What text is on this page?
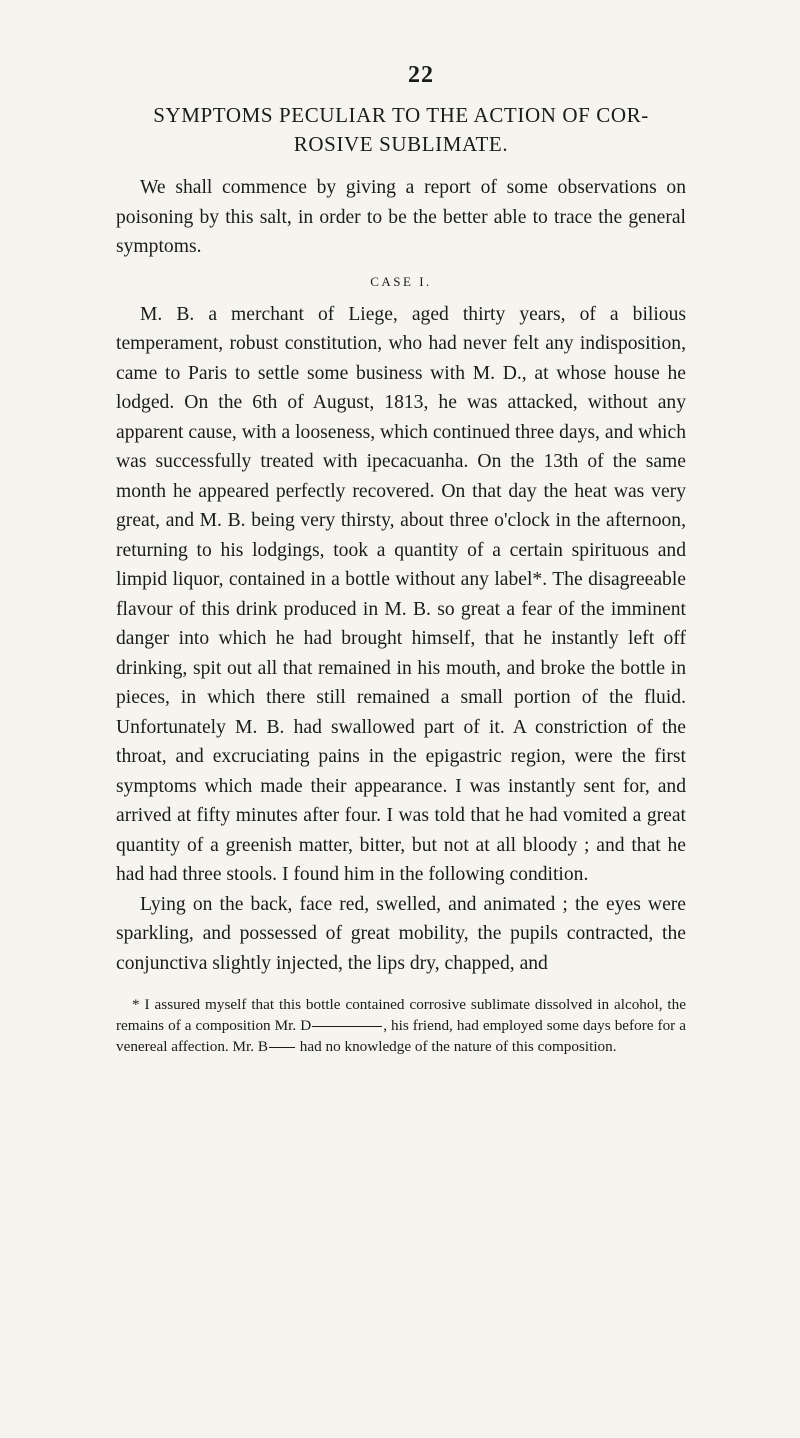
22
SYMPTOMS PECULIAR TO THE ACTION OF COR-ROSIVE SUBLIMATE.

We shall commence by giving a report of some observations on poisoning by this salt, in order to be the better able to trace the general symptoms.

CASE I.

M. B. a merchant of Liege, aged thirty years, of a bilious temperament, robust constitution, who had never felt any indisposition, came to Paris to settle some business with M. D., at whose house he lodged. On the 6th of August, 1813, he was attacked, without any apparent cause, with a looseness, which continued three days, and which was successfully treated with ipecacuanha. On the 13th of the same month he appeared perfectly recovered. On that day the heat was very great, and M. B. being very thirsty, about three o'clock in the afternoon, returning to his lodgings, took a quantity of a certain spirituous and limpid liquor, contained in a bottle without any label*. The disagreeable flavour of this drink produced in M. B. so great a fear of the imminent danger into which he had brought himself, that he instantly left off drinking, spit out all that remained in his mouth, and broke the bottle in pieces, in which there still remained a small portion of the fluid. Unfortunately M. B. had swallowed part of it. A constriction of the throat, and excruciating pains in the epigastric region, were the first symptoms which made their appearance. I was instantly sent for, and arrived at fifty minutes after four. I was told that he had vomited a great quantity of a greenish matter, bitter, but not at all bloody ; and that he had had three stools. I found him in the following condition.

Lying on the back, face red, swelled, and animated ; the eyes were sparkling, and possessed of great mobility, the pupils contracted, the conjunctiva slightly injected, the lips dry, chapped, and

* I assured myself that this bottle contained corrosive sublimate dissolved in alcohol, the remains of a composition Mr. D	, his friend, had employed some days before for a venereal affection. Mr. B had no knowledge of the nature of this composition.
